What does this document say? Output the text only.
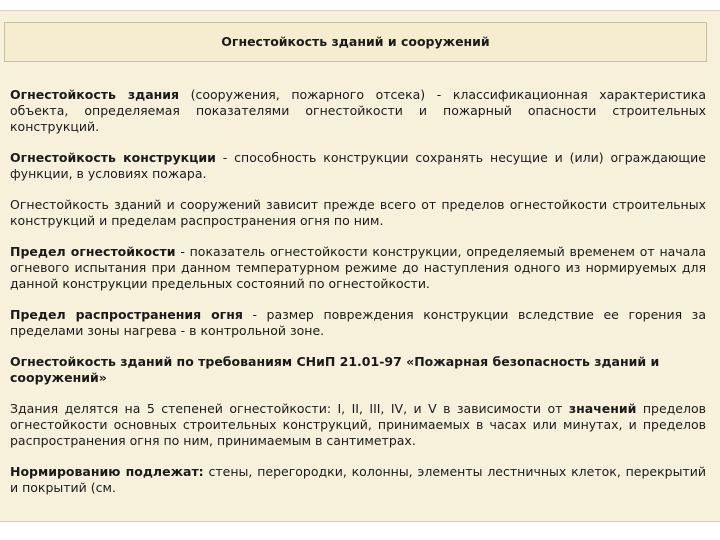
Огнестойкость зданий и сооружений

Огнестойкость здания (сооружения, пожарного отсека) - классификационная характеристика объекта, определяемая показателями огнестойкости и пожарный опасности строительных конструкций.

Огнестойкость конструкции - способность конструкции сохранять несущие и (или) ограждающие функции, в условиях пожара.

Огнестойкость зданий и сооружений зависит прежде всего от пределов огнестойкости строительных конструкций и пределам распространения огня по ним.

Предел огнестойкости - показатель огнестойкости конструкции, определяемый временем от начала огневого испытания при данном температурном режиме до наступления одного из нормируемых для данной конструкции предельных состояний по огнестойкости.

Предел распространения огня - размер повреждения конструкции вследствие ее горения за пределами зоны нагрева - в контрольной зоне.

Огнестойкость зданий по требованиям СНиП 21.01-97 «Пожарная безопасность зданий и сооружений»

Здания делятся на 5 степеней огнестойкости: I, II, III, IV, и V в зависимости от значений пределов огнестойкости основных строительных конструкций, принимаемых в часах или минутах, и пределов распространения огня по ним, принимаемым в сантиметрах.

Нормированию подлежат: стены, перегородки, колонны, элементы лестничных клеток, перекрытий и покрытий (см.
